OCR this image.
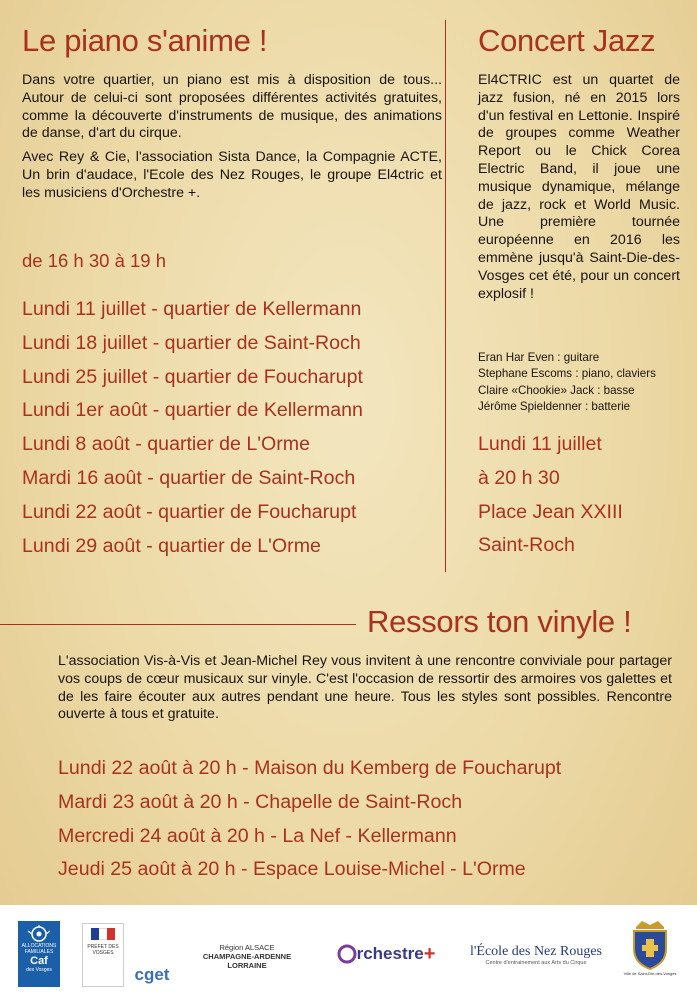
Le piano s'anime !

Dans votre quartier, un piano est mis à disposition de tous... Autour de celui-ci sont proposées différentes activités gratuites, comme la découverte d'instruments de musique, des animations de danse, d'art du cirque.

Avec Rey & Cie, l'association Sista Dance, la Compagnie ACTE, Un brin d'audace, l'Ecole des Nez Rouges, le groupe El4ctric et les musiciens d'Orchestre +.

de 16 h 30 à 19 h
Lundi 11 juillet - quartier de Kellermann
Lundi 18 juillet - quartier de Saint-Roch
Lundi 25 juillet - quartier de Foucharupt
Lundi 1er août - quartier de Kellermann
Lundi 8 août - quartier de L'Orme
Mardi 16 août - quartier de Saint-Roch
Lundi 22 août - quartier de Foucharupt
Lundi 29 août - quartier de L'Orme
Concert Jazz
El4CTRIC est un quartet de jazz fusion, né en 2015 lors d'un festival en Lettonie. Inspiré de groupes comme Weather Report ou le Chick Corea Electric Band, il joue une musique dynamique, mélange de jazz, rock et World Music. Une première tournée européenne en 2016 les emmène jusqu'à Saint-Die-des-Vosges cet été, pour un concert explosif !
Eran Har Even : guitare
Stephane Escoms : piano, claviers
Claire «Chookie» Jack : basse
Jérôme Spieldenner : batterie
Lundi 11 juillet
à 20 h 30
Place Jean XXIII
Saint-Roch
Ressors ton vinyle !
L'association Vis-à-Vis et Jean-Michel Rey vous invitent à une rencontre conviviale pour partager vos coups de cœur musicaux sur vinyle. C'est l'occasion de ressortir des armoires vos galettes et de les faire écouter aux autres pendant une heure. Tous les styles sont possibles. Rencontre ouverte à tous et gratuite.
Lundi 22 août à 20 h - Maison du Kemberg de Foucharupt
Mardi 23 août à 20 h - Chapelle de Saint-Roch
Mercredi 24 août à 20 h - La Nef - Kellermann
Jeudi 25 août à 20 h - Espace Louise-Michel - L'Orme
ALLOCATIONS
FAMILIALES
Caf
des Vosges
PRÉFET DES VOSGES
cget
Région ALSACE
CHAMPAGNE-ARDENNE
LORRAINE
rchestre + l'École des Nez Rouges
Centre d'entrainement aux Arts du Cirque
Ville de Saint-Dié-des-Vosges
